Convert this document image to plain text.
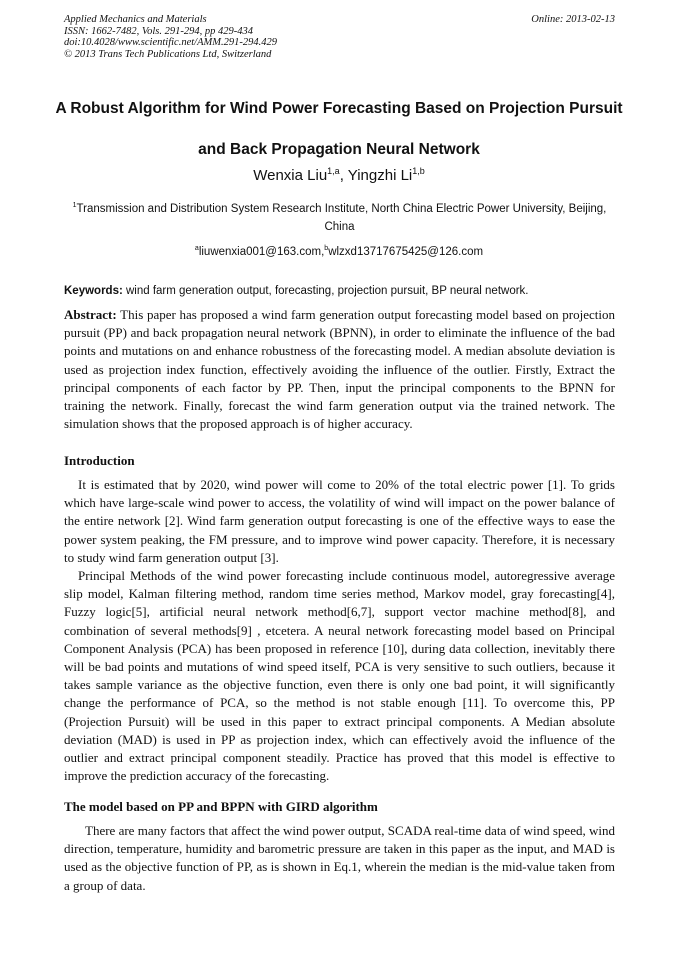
Applied Mechanics and Materials
ISSN: 1662-7482, Vols. 291-294, pp 429-434
doi:10.4028/www.scientific.net/AMM.291-294.429
© 2013 Trans Tech Publications Ltd, Switzerland
Online: 2013-02-13
A Robust Algorithm for Wind Power Forecasting Based on Projection Pursuit and Back Propagation Neural Network
Wenxia Liu$^{1,a}$, Yingzhi Li$^{1,b}$
$^1$Transmission and Distribution System Research Institute, North China Electric Power University, Beijing, China
$^a$liuwenxia001@163.com,$^b$wlzxd13717675425@126.com
Keywords: wind farm generation output, forecasting, projection pursuit, BP neural network.
Abstract: This paper has proposed a wind farm generation output forecasting model based on projection pursuit (PP) and back propagation neural network (BPNN), in order to eliminate the influence of the bad points and mutations on and enhance robustness of the forecasting model. A median absolute deviation is used as projection index function, effectively avoiding the influence of the outlier. Firstly, Extract the principal components of each factor by PP. Then, input the principal components to the BPNN for training the network. Finally, forecast the wind farm generation output via the trained network. The simulation shows that the proposed approach is of higher accuracy.
Introduction

It is estimated that by 2020, wind power will come to 20% of the total electric power [1]. To grids which have large-scale wind power to access, the volatility of wind will impact on the power balance of the entire network [2]. Wind farm generation output forecasting is one of the effective ways to ease the power system peaking, the FM pressure, and to improve wind power capacity. Therefore, it is necessary to study wind farm generation output [3].

Principal Methods of the wind power forecasting include continuous model, autoregressive average slip model, Kalman filtering method, random time series method, Markov model, gray forecasting[4], Fuzzy logic[5], artificial neural network method[6,7], support vector machine method[8], and combination of several methods[9] , etcetera. A neural network forecasting model based on Principal Component Analysis (PCA) has been proposed in reference [10], during data collection, inevitably there will be bad points and mutations of wind speed itself, PCA is very sensitive to such outliers, because it takes sample variance as the objective function, even there is only one bad point, it will significantly change the performance of PCA, so the method is not stable enough [11]. To overcome this, PP (Projection Pursuit) will be used in this paper to extract principal components. A Median absolute deviation (MAD) is used in PP as projection index, which can effectively avoid the influence of the outlier and extract principal component steadily. Practice has proved that this model is effective to improve the prediction accuracy of the forecasting.

The model based on PP and BPPN with GIRD algorithm

There are many factors that affect the wind power output, SCADA real-time data of wind speed, wind direction, temperature, humidity and barometric pressure are taken in this paper as the input, and MAD is used as the objective function of PP, as is shown in Eq.1, wherein the median is the mid-value taken from a group of data.
